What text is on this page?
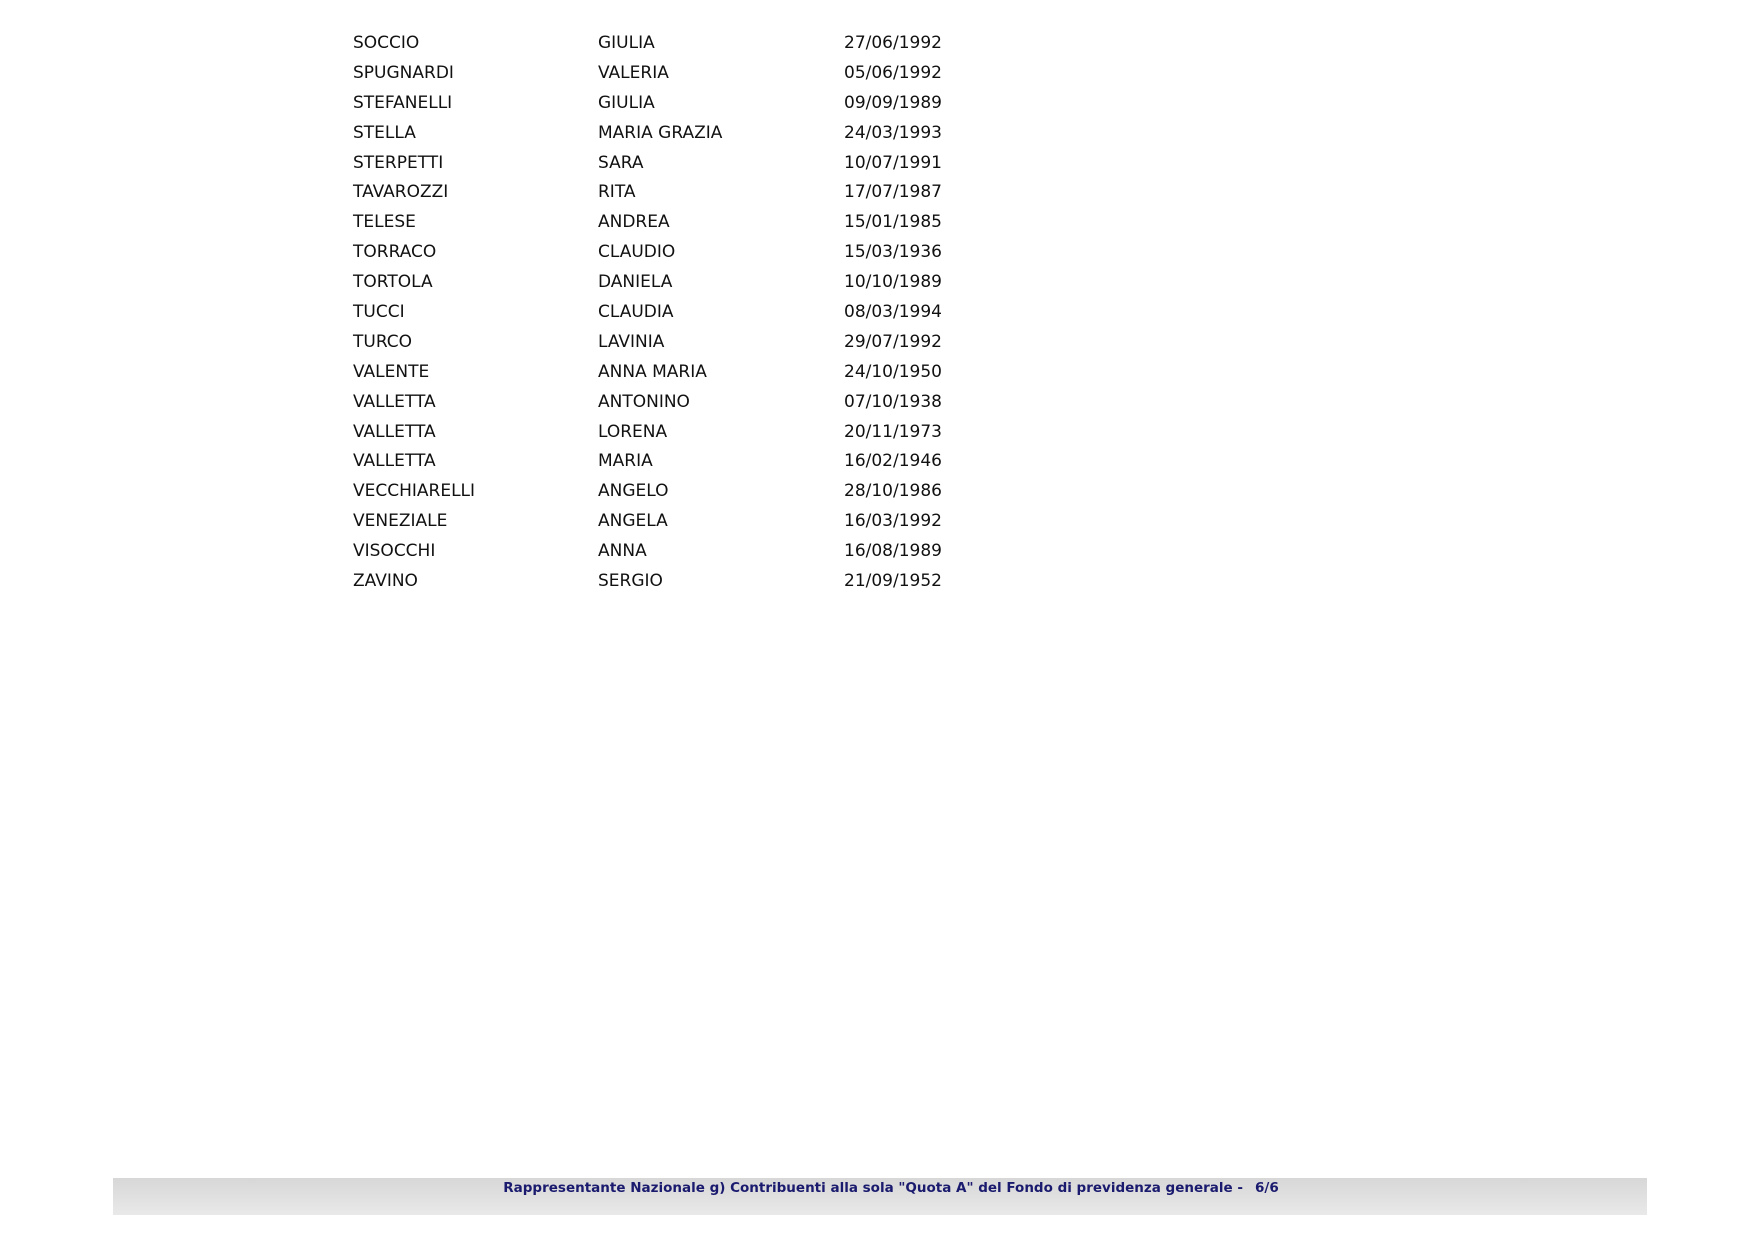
SOCCIO	GIULIA	27/06/1992
SPUGNARDI	VALERIA	05/06/1992
STEFANELLI	GIULIA	09/09/1989
STELLA	MARIA GRAZIA	24/03/1993
STERPETTI	SARA	10/07/1991
TAVAROZZI	RITA	17/07/1987
TELESE	ANDREA	15/01/1985
TORRACO	CLAUDIO	15/03/1936
TORTOLA	DANIELA	10/10/1989
TUCCI	CLAUDIA	08/03/1994
TURCO	LAVINIA	29/07/1992
VALENTE	ANNA MARIA	24/10/1950
VALLETTA	ANTONINO	07/10/1938
VALLETTA	LORENA	20/11/1973
VALLETTA	MARIA	16/02/1946
VECCHIARELLI	ANGELO	28/10/1986
VENEZIALE	ANGELA	16/03/1992
VISOCCHI	ANNA	16/08/1989
ZAVINO	SERGIO	21/09/1952
Rappresentante Nazionale g) Contribuenti alla sola "Quota A" del Fondo di previdenza generale - 6/6
